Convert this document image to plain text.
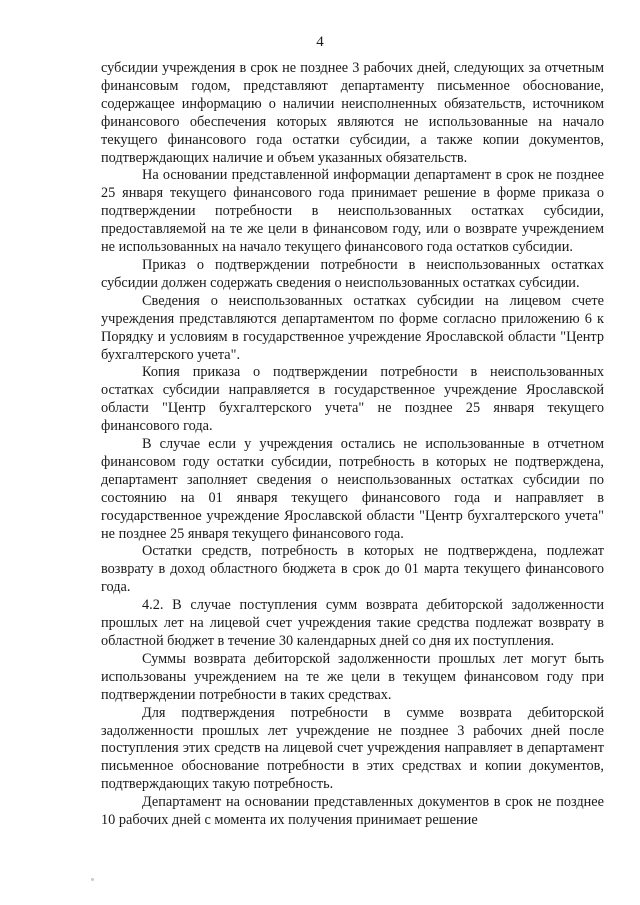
4

субсидии учреждения в срок не позднее 3 рабочих дней, следующих за отчетным финансовым годом, представляют департаменту письменное обоснование, содержащее информацию о наличии неисполненных обязательств, источником финансового обеспечения которых являются не использованные на начало текущего финансового года остатки субсидии, а также копии документов, подтверждающих наличие и объем указанных обязательств.

На основании представленной информации департамент в срок не позднее 25 января текущего финансового года принимает решение в форме приказа о подтверждении потребности в неиспользованных остатках субсидии, предоставляемой на те же цели в финансовом году, или о возврате учреждением не использованных на начало текущего финансового года остатков субсидии.

Приказ о подтверждении потребности в неиспользованных остатках субсидии должен содержать сведения о неиспользованных остатках субсидии.

Сведения о неиспользованных остатках субсидии на лицевом счете учреждения представляются департаментом по форме согласно приложению 6 к Порядку и условиям в государственное учреждение Ярославской области "Центр бухгалтерского учета".

Копия приказа о подтверждении потребности в неиспользованных остатках субсидии направляется в государственное учреждение Ярославской области "Центр бухгалтерского учета" не позднее 25 января текущего финансового года.

В случае если у учреждения остались не использованные в отчетном финансовом году остатки субсидии, потребность в которых не подтверждена, департамент заполняет сведения о неиспользованных остатках субсидии по состоянию на 01 января текущего финансового года и направляет в государственное учреждение Ярославской области "Центр бухгалтерского учета" не позднее 25 января текущего финансового года.

Остатки средств, потребность в которых не подтверждена, подлежат возврату в доход областного бюджета в срок до 01 марта текущего финансового года.

4.2. В случае поступления сумм возврата дебиторской задолженности прошлых лет на лицевой счет учреждения такие средства подлежат возврату в областной бюджет в течение 30 календарных дней со дня их поступления.

Суммы возврата дебиторской задолженности прошлых лет могут быть использованы учреждением на те же цели в текущем финансовом году при подтверждении потребности в таких средствах.

Для подтверждения потребности в сумме возврата дебиторской задолженности прошлых лет учреждение не позднее 3 рабочих дней после поступления этих средств на лицевой счет учреждения направляет в департамент письменное обоснование потребности в этих средствах и копии документов, подтверждающих такую потребность.

Департамент на основании представленных документов в срок не позднее 10 рабочих дней с момента их получения принимает решение
